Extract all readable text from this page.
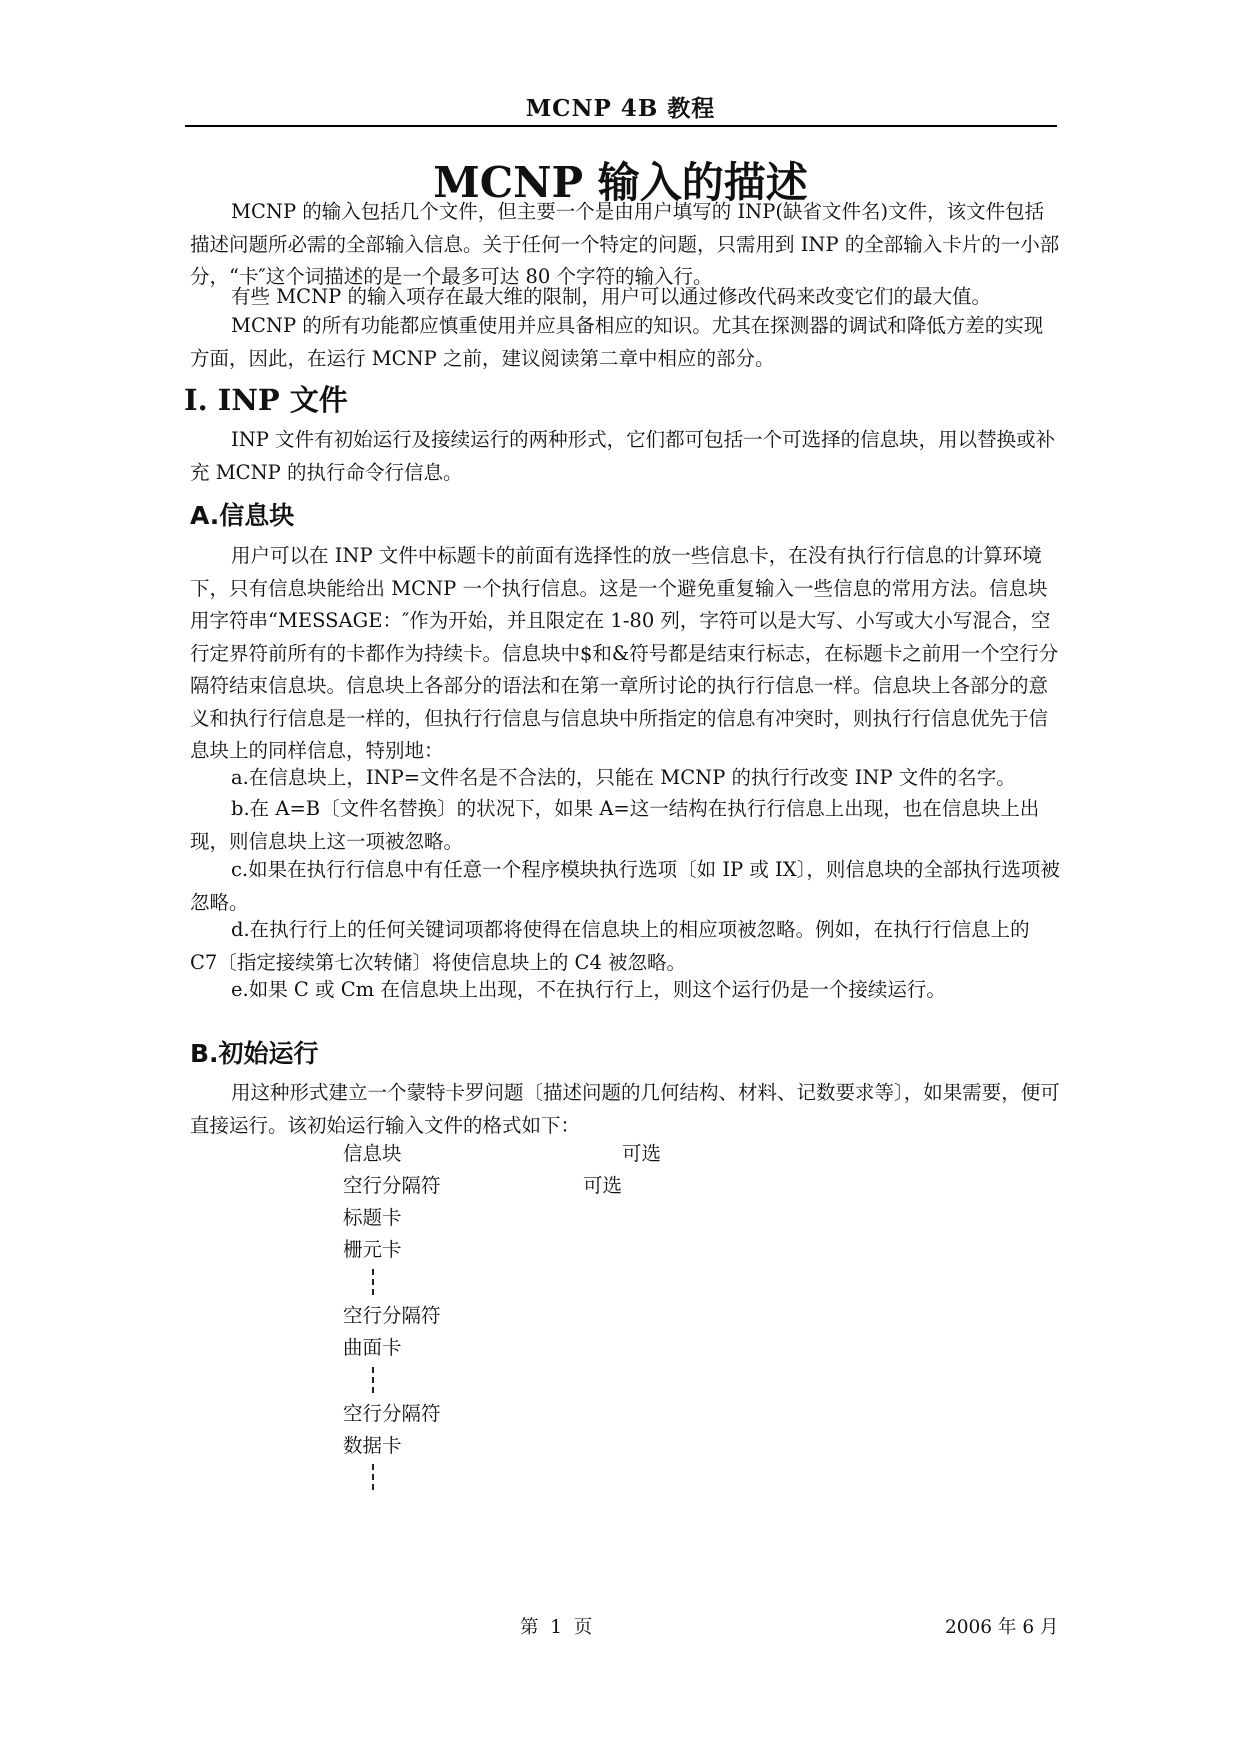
MCNP 4B 教程
MCNP 输入的描述

MCNP 的输入包括几个文件，但主要一个是由用户填写的 INP(缺省文件名)文件，该文件包括描述问题所必需的全部输入信息。关于任何一个特定的问题，只需用到 INP 的全部输入卡片的一小部分，“卡″这个词描述的是一个最多可达 80 个字符的输入行。

有些 MCNP 的输入项存在最大维的限制，用户可以通过修改代码来改变它们的最大值。

MCNP 的所有功能都应慎重使用并应具备相应的知识。尤其在探测器的调试和降低方差的实现方面，因此，在运行 MCNP 之前，建议阅读第二章中相应的部分。

Ⅰ. INP 文件

INP 文件有初始运行及接续运行的两种形式，它们都可包括一个可选择的信息块，用以替换或补充 MCNP 的执行命令行信息。

A.信息块

用户可以在 INP 文件中标题卡的前面有选择性的放一些信息卡，在没有执行行信息的计算环境下，只有信息块能给出 MCNP 一个执行信息。这是一个避免重复输入一些信息的常用方法。信息块用字符串“MESSAGE：″作为开始，并且限定在 1-80 列，字符可以是大写、小写或大小写混合，空行定界符前所有的卡都作为持续卡。信息块中$和&符号都是结束行标志，在标题卡之前用一个空行分隔符结束信息块。信息块上各部分的语法和在第一章所讨论的执行行信息一样。信息块上各部分的意义和执行行信息是一样的，但执行行信息与信息块中所指定的信息有冲突时，则执行行信息优先于信息块上的同样信息，特别地：

a.在信息块上，INP=文件名是不合法的，只能在 MCNP 的执行行改变 INP 文件的名字。

b.在 A=B〔文件名替换〕的状况下，如果 A=这一结构在执行行信息上出现，也在信息块上出现，则信息块上这一项被忽略。

c.如果在执行行信息中有任意一个程序模块执行选项〔如 IP 或 IX〕，则信息块的全部执行选项被忽略。

d.在执行行上的任何关键词项都将使得在信息块上的相应项被忽略。例如，在执行行信息上的 C7〔指定接续第七次转储〕将使信息块上的 C4 被忽略。

e.如果 C 或 Cm 在信息块上出现，不在执行行上，则这个运行仍是一个接续运行。

B.初始运行

用这种形式建立一个蒙特卡罗问题〔描述问题的几何结构、材料、记数要求等〕，如果需要，便可直接运行。该初始运行输入文件的格式如下：

信息块	可选
空行分隔符	可选
标题卡
栅元卡
空行分隔符
曲面卡
空行分隔符
数据卡
第  1  页	2006 年 6 月
